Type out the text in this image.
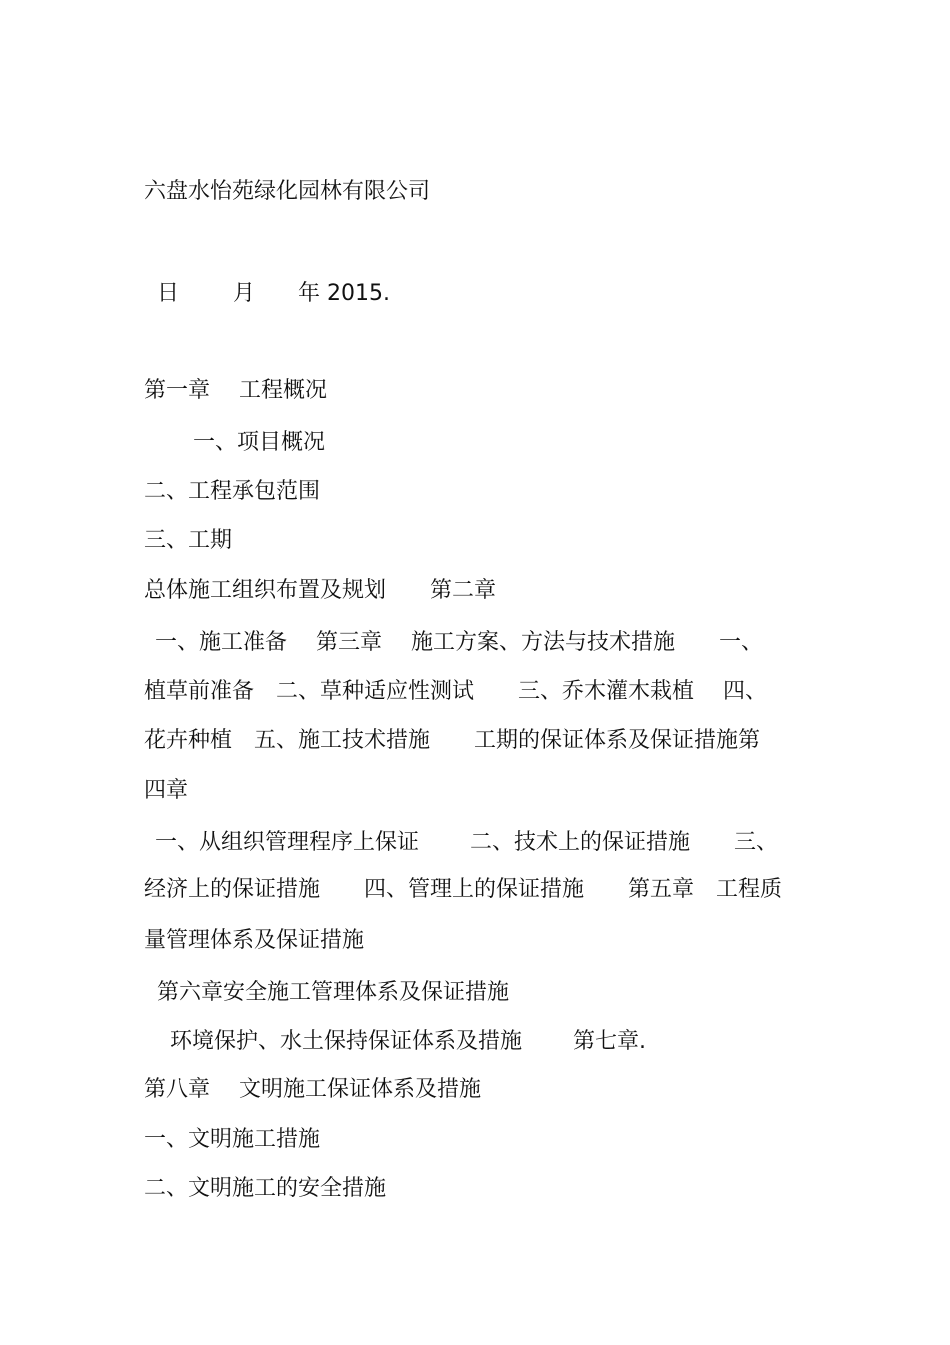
六盘水怡苑绿化园林有限公司
日 月 年 2015.
第一章　 工程概况
一、项目概况
二、工程承包范围
三、工期
总体施工组织布置及规划　　第二章
一、施工准备　 第三章　 施工方案、方法与技术措施　　一、
植草前准备　二、草种适应性测试　　三、乔木灌木栽植　 四、
花卉种植　五、施工技术措施　　工期的保证体系及保证措施第
四章
一、从组织管理程序上保证　　 二、技术上的保证措施　　三、
经济上的保证措施　　四、管理上的保证措施　　第五章　工程质
量管理体系及保证措施
第六章安全施工管理体系及保证措施
环境保护、水土保持保证体系及措施　　 第七章.
第八章　 文明施工保证体系及措施
一、文明施工措施
二、文明施工的安全措施
